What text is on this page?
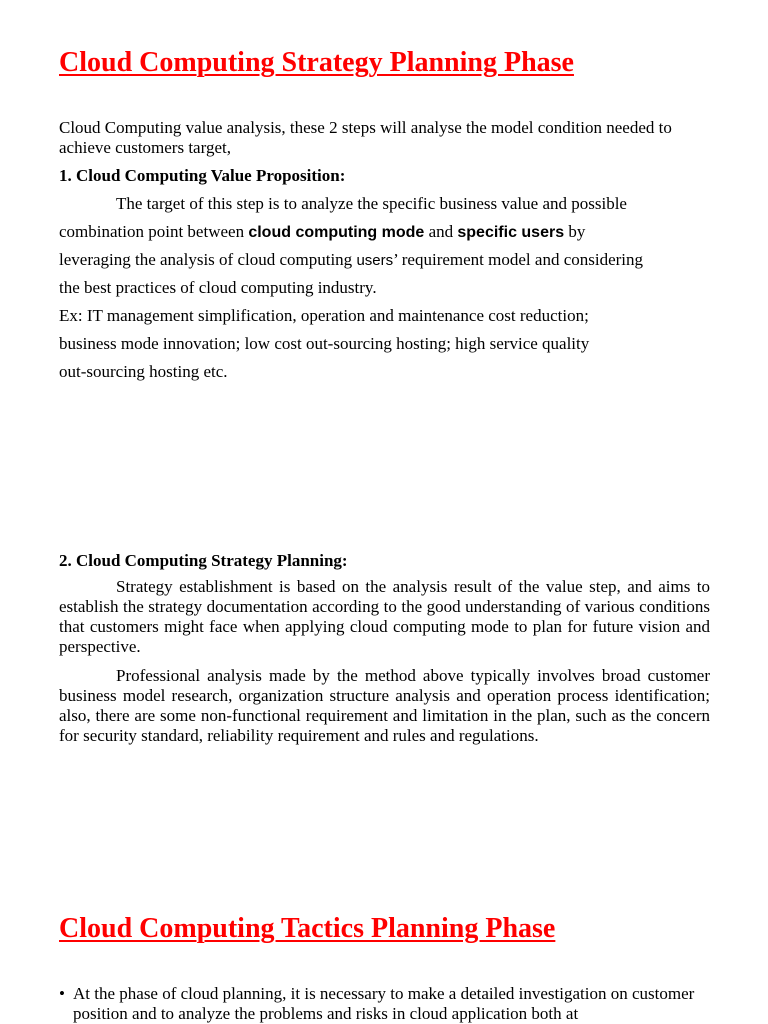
Cloud Computing Strategy Planning Phase

Cloud Computing value analysis, these 2 steps will analyse the model condition needed to achieve customers target,

1. Cloud Computing Value Proposition:
The target of this step is to analyze the specific business value and possible
combination point between cloud computing mode and specific users by
leveraging the analysis of cloud computing users’ requirement model and considering
the best practices of cloud computing industry.
Ex: IT management simplification, operation and maintenance cost reduction;
business mode innovation; low cost out-sourcing hosting; high service quality
out-sourcing hosting etc.
2. Cloud Computing Strategy Planning:

Strategy establishment is based on the analysis result of the value step, and aims to establish the strategy documentation according to the good understanding of various conditions that customers might face when applying cloud computing mode to plan for future vision and perspective.

Professional analysis made by the method above typically involves broad customer business model research, organization structure analysis and operation process identification; also, there are some non-functional requirement and limitation in the plan, such as the concern for security standard, reliability requirement and rules and regulations.

Cloud Computing Tactics Planning Phase
• At the phase of cloud planning, it is necessary to make a detailed investigation on customer position and to analyze the problems and risks in cloud application both at
